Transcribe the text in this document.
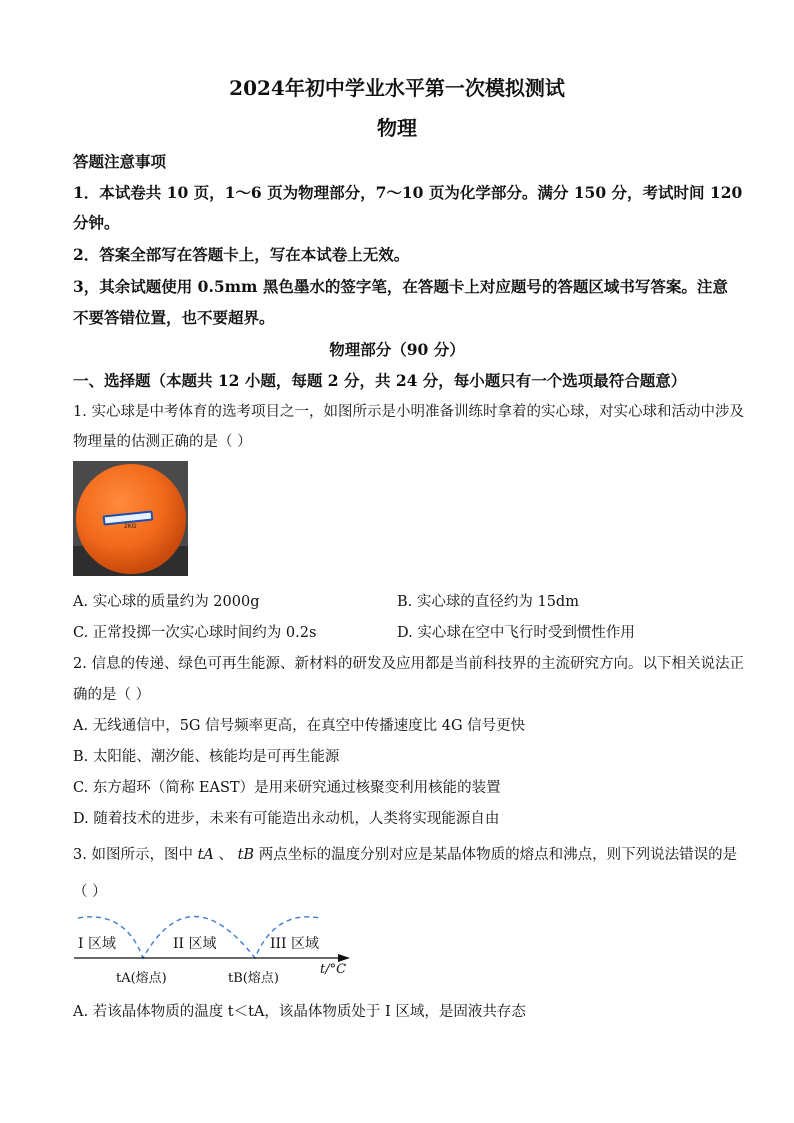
2024年初中学业水平第一次模拟测试
物理
答题注意事项
1．本试卷共 10 页，1～6 页为物理部分，7～10 页为化学部分。满分 150 分，考试时间 120
分钟。
2．答案全部写在答题卡上，写在本试卷上无效。
3，其余试题使用 0.5mm 黑色墨水的签字笔，在答题卡上对应题号的答题区域书写答案。注意
不要答错位置，也不要超界。
物理部分（90 分）
一、选择题（本题共 12 小题，每题 2 分，共 24 分，每小题只有一个选项最符合题意）
1. 实心球是中考体育的选考项目之一，如图所示是小明准备训练时拿着的实心球，对实心球和活动中涉及
物理量的估测正确的是（ ）
2KG
A. 实心球的质量约为 2000g	B. 实心球的直径约为 15dm
C. 正常投掷一次实心球时间约为 0.2s	D. 实心球在空中飞行时受到惯性作用
2. 信息的传递、绿色可再生能源、新材料的研发及应用都是当前科技界的主流研究方向。以下相关说法正
确的是（ ）
A. 无线通信中，5G 信号频率更高，在真空中传播速度比 4G 信号更快
B. 太阳能、潮汐能、核能均是可再生能源
C. 东方超环（简称 EAST）是用来研究通过核聚变利用核能的装置
D. 随着技术的进步，未来有可能造出永动机，人类将实现能源自由
3. 如图所示，图中 tA 、 tB 两点坐标的温度分别对应是某晶体物质的熔点和沸点，则下列说法错误的是
（ ）
I 区域	II 区域	III 区域
tA(熔点)	tB(熔点)
t/°C
A. 若该晶体物质的温度 t＜tA，该晶体物质处于 I 区域，是固液共存态
